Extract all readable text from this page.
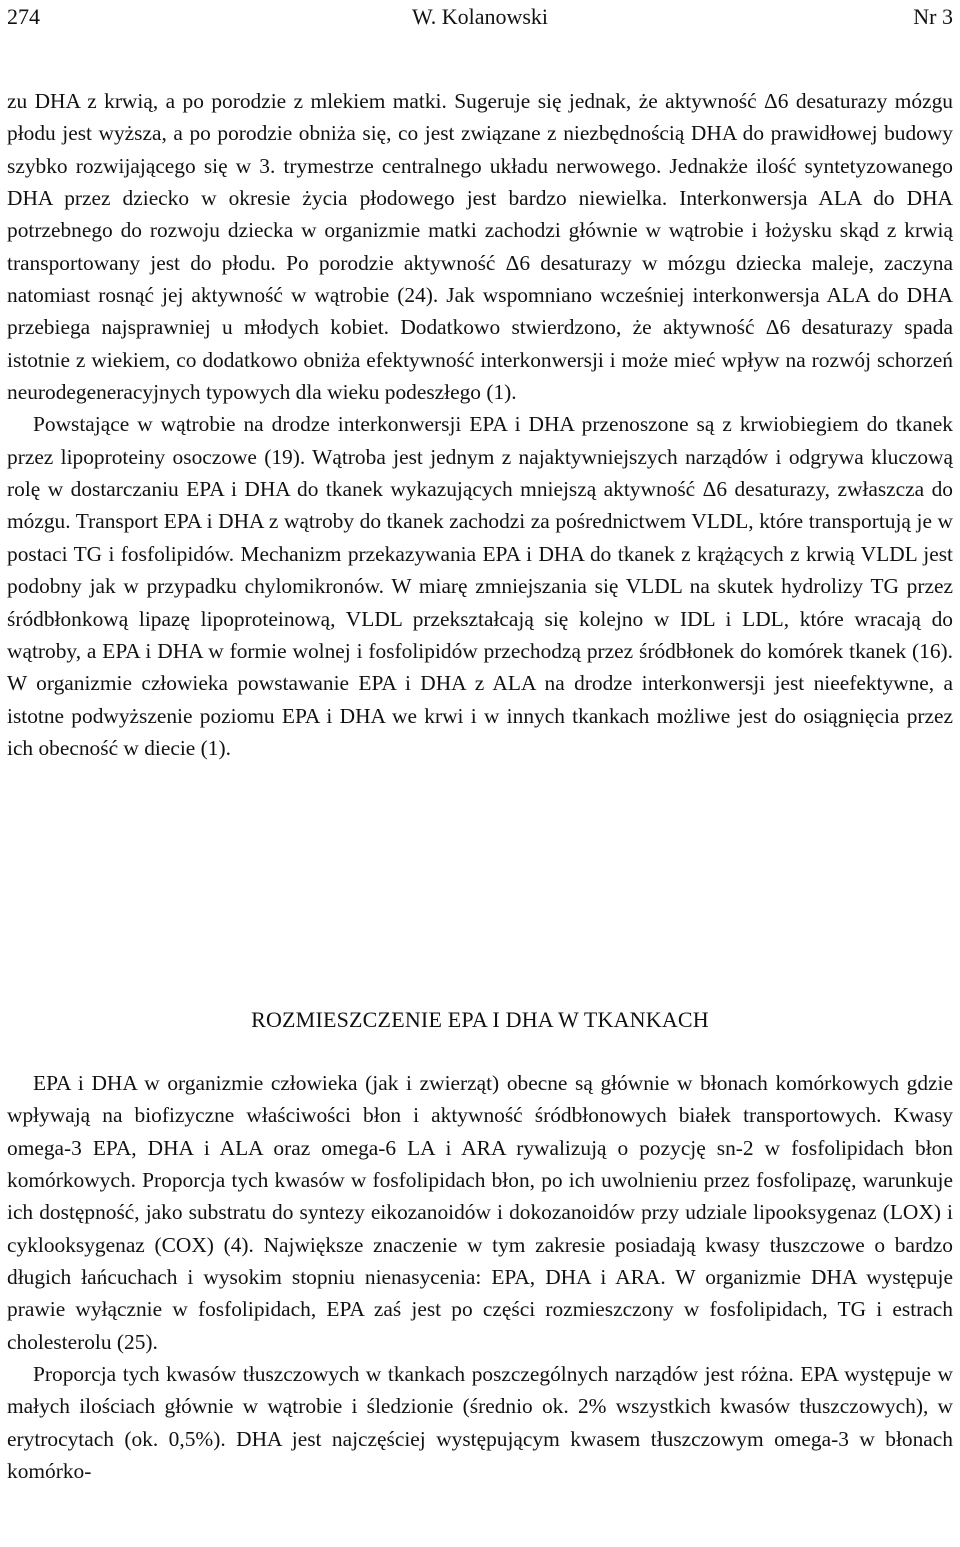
274	W. Kolanowski	Nr 3

zu DHA z krwią, a po porodzie z mlekiem matki. Sugeruje się jednak, że aktywność Δ6 desaturazy mózgu płodu jest wyższa, a po porodzie obniża się, co jest związane z niezbędnością DHA do prawidłowej budowy szybko rozwijającego się w 3. trymestrze centralnego układu nerwowego. Jednakże ilość syntetyzowanego DHA przez dziecko w okresie życia płodowego jest bardzo niewielka. Interkonwersja ALA do DHA potrzebnego do rozwoju dziecka w organizmie matki zachodzi głównie w wątrobie i łożysku skąd z krwią transportowany jest do płodu. Po porodzie aktywność Δ6 desaturazy w mózgu dziecka maleje, zaczyna natomiast rosnąć jej aktywność w wątrobie (24). Jak wspomniano wcześniej interkonwersja ALA do DHA przebiega najsprawniej u młodych kobiet. Dodatkowo stwierdzono, że aktywność Δ6 desaturazy spada istotnie z wiekiem, co dodatkowo obniża efektywność interkonwersji i może mieć wpływ na rozwój schorzeń neurodegeneracyjnych typowych dla wieku podeszłego (1).

Powstające w wątrobie na drodze interkonwersji EPA i DHA przenoszone są z krwiobiegiem do tkanek przez lipoproteiny osoczowe (19). Wątroba jest jednym z najaktywniejszych narządów i odgrywa kluczową rolę w dostarczaniu EPA i DHA do tkanek wykazujących mniejszą aktywność Δ6 desaturazy, zwłaszcza do mózgu. Transport EPA i DHA z wątroby do tkanek zachodzi za pośrednictwem VLDL, które transportują je w postaci TG i fosfolipidów. Mechanizm przekazywania EPA i DHA do tkanek z krążących z krwią VLDL jest podobny jak w przypadku chylomikronów. W miarę zmniejszania się VLDL na skutek hydrolizy TG przez śródbłonkową lipazę lipoproteinową, VLDL przekształcają się kolejno w IDL i LDL, które wracają do wątroby, a EPA i DHA w formie wolnej i fosfolipidów przechodzą przez śródbłonek do komórek tkanek (16). W organizmie człowieka powstawanie EPA i DHA z ALA na drodze interkonwersji jest nieefektywne, a istotne podwyższenie poziomu EPA i DHA we krwi i w innych tkankach możliwe jest do osiągnięcia przez ich obecność w diecie (1).

ROZMIESZCZENIE EPA I DHA W TKANKACH

EPA i DHA w organizmie człowieka (jak i zwierząt) obecne są głównie w błonach komórkowych gdzie wpływają na biofizyczne właściwości błon i aktywność śródbłonowych białek transportowych. Kwasy omega-3 EPA, DHA i ALA oraz omega-6 LA i ARA rywalizują o pozycję sn-2 w fosfolipidach błon komórkowych. Proporcja tych kwasów w fosfolipidach błon, po ich uwolnieniu przez fosfolipazę, warunkuje ich dostępność, jako substratu do syntezy eikozanoidów i dokozanoidów przy udziale lipooksygenaz (LOX) i cyklooksygenaz (COX) (4). Największe znaczenie w tym zakresie posiadają kwasy tłuszczowe o bardzo długich łańcuchach i wysokim stopniu nienasycenia: EPA, DHA i ARA. W organizmie DHA występuje prawie wyłącznie w fosfolipidach, EPA zaś jest po części rozmieszczony w fosfolipidach, TG i estrach cholesterolu (25).

Proporcja tych kwasów tłuszczowych w tkankach poszczególnych narządów jest różna. EPA występuje w małych ilościach głównie w wątrobie i śledzionie (średnio ok. 2% wszystkich kwasów tłuszczowych), w erytrocytach (ok. 0,5%). DHA jest najczęściej występującym kwasem tłuszczowym omega-3 w błonach komórko-
